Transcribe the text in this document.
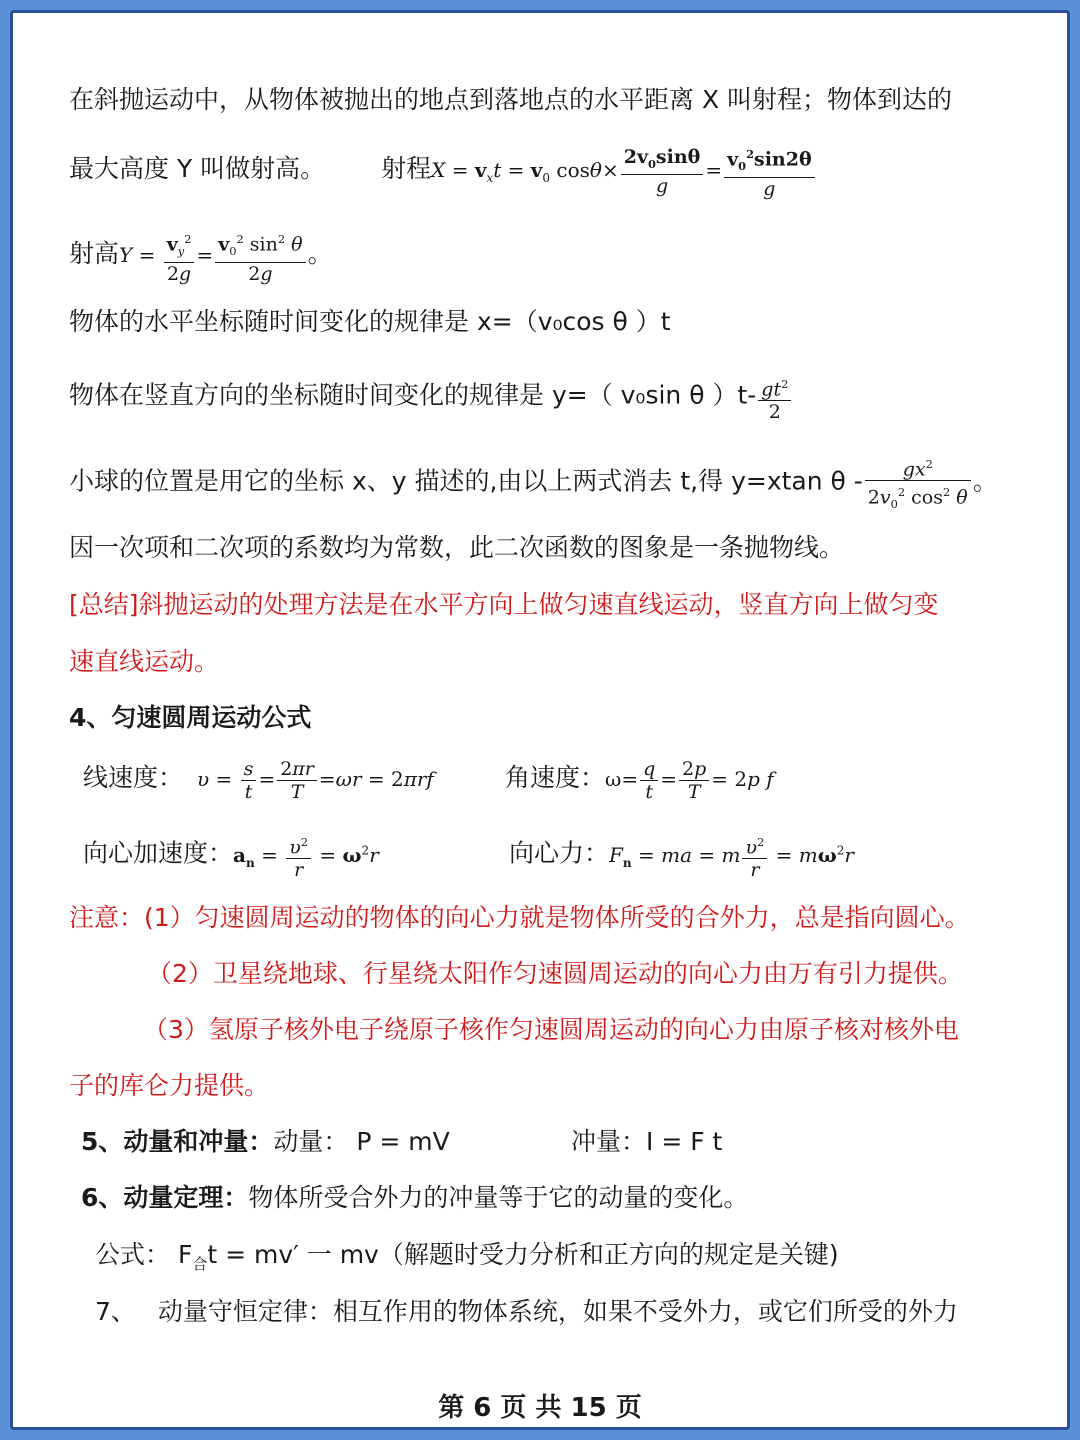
在斜抛运动中，从物体被抛出的地点到落地点的水平距离 X 叫射程；物体到达的
最大高度 Y 叫做射高。 射程$X = v_xt = v_0$ $\cos\theta\times \frac{2v_0\sin\theta}{g} = \frac{v_0^2\sin 2\theta}{g}$
射高$Y = \frac{v_y^2}{2g} = \frac{v_0^2 \sin^2 \theta}{2g}$ 。
物体的水平坐标随时间变化的规律是 x=（v₀cos θ ）t
物体在竖直方向的坐标随时间变化的规律是 y=（ v₀sin θ ）$t- \frac{gt^2}{2}$
小球的位置是用它的坐标 x、y 描述的,由以上两式消去 t,得 y=xtan θ - $\frac{gx^2}{2v_0^2 \cos^2 \theta}$ 。
因一次项和二次项的系数均为常数，此二次函数的图象是一条抛物线。
[总结]斜抛运动的处理方法是在水平方向上做匀速直线运动，竖直方向上做匀变
速直线运动。
4、匀速圆周运动公式
线速度： $\upsilon = \frac{s}{t} = \frac{2\pi r}{T} =\omega r = 2\pi rf$	角速度：$\omega= \frac{q}{t} = \frac{2p}{T} = 2p$ f
向心加速度：$a_n = \frac{\upsilon^2}{r} = \omega^2r$	向心力：$F_n$ = ma = m $\frac{\upsilon^2}{r} = m\omega^2r$
注意：(1）匀速圆周运动的物体的向心力就是物体所受的合外力，总是指向圆心。
（2）卫星绕地球、行星绕太阳作匀速圆周运动的向心力由万有引力提供。
（3）氢原子核外电子绕原子核作匀速圆周运动的向心力由原子核对核外电
子的库仑力提供。
5、动量和冲量：动量： P = mV	冲量：I = F t
6、动量定理：物体所受合外力的冲量等于它的动量的变化。
公式： $F_合t = mv'$ 一 mv（解题时受力分析和正方向的规定是关键)
7、 动量守恒定律：相互作用的物体系统，如果不受外力，或它们所受的外力
第 6 页 共 15 页
